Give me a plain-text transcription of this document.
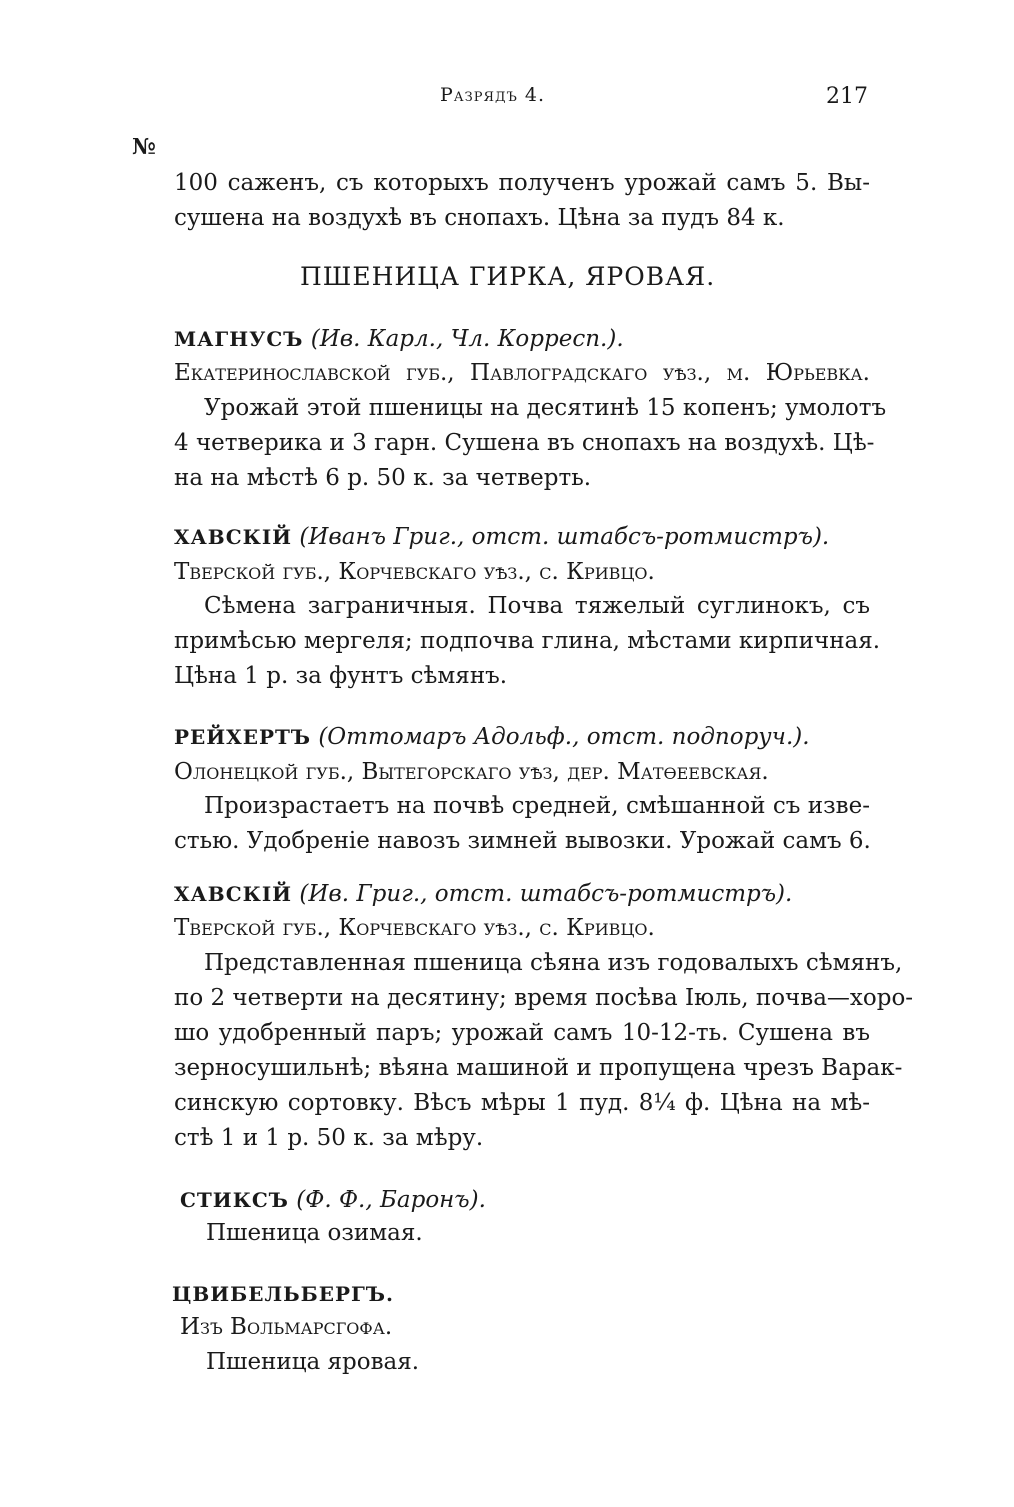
Разрядъ 4.	217
№
100 саженъ, съ которыхъ полученъ урожай самъ 5. Вы-
сушена на воздухѣ въ снопахъ. Цѣна за пудъ 84 к.
ПШЕНИЦА ГИРКА, ЯРОВАЯ.
МАГНУСЪ (Ив. Карл., Чл. Корресп.).
Екатеринославской губ., Павлоградскаго уѣз., м. Юрьевка.
Урожай этой пшеницы на десятинѣ 15 копенъ; умолотъ
4 четверика и 3 гарн. Сушена въ снопахъ на воздухѣ. Цѣ-
на на мѣстѣ 6 р. 50 к. за четверть.
ХАВСКІЙ (Иванъ Григ., отст. штабсъ-ротмистръ).
Тверской губ., Корчевскаго уѣз., с. Кривцо.
Сѣмена заграничныя. Почва тяжелый суглинокъ, съ
примѣсью мергеля; подпочва глина, мѣстами кирпичная.
Цѣна 1 р. за фунтъ сѣмянъ.
РЕЙХЕРТЪ (Оттомаръ Адольф., отст. подпоруч.).
Олонецкой губ., Вытегорскаго уѣз, дер. Матѳеевская.
Произрастаетъ на почвѣ средней, смѣшанной съ изве-
стью. Удобреніе навозъ зимней вывозки. Урожай самъ 6.
ХАВСКІЙ (Ив. Григ., отст. штабсъ-ротмистръ).
Тверской губ., Корчевскаго уѣз., с. Кривцо.
Представленная пшеница сѣяна изъ годовалыхъ сѣмянъ,
по 2 четверти на десятину; время посѣва Іюль, почва—хоро-
шо удобренный паръ; урожай самъ 10-12-ть. Сушена въ
зерносушильнѣ; вѣяна машиной и пропущена чрезъ Варак-
синскую сортовку. Вѣсъ мѣры 1 пуд. 8¼ ф. Цѣна на мѣ-
стѣ 1 и 1 р. 50 к. за мѣру.
СТИКСЪ (Ф. Ф., Баронъ).
Пшеница озимая.
ЦВИБЕЛЬБЕРГЪ.
Изъ Вольмарсгофа.
Пшеница яровая.
